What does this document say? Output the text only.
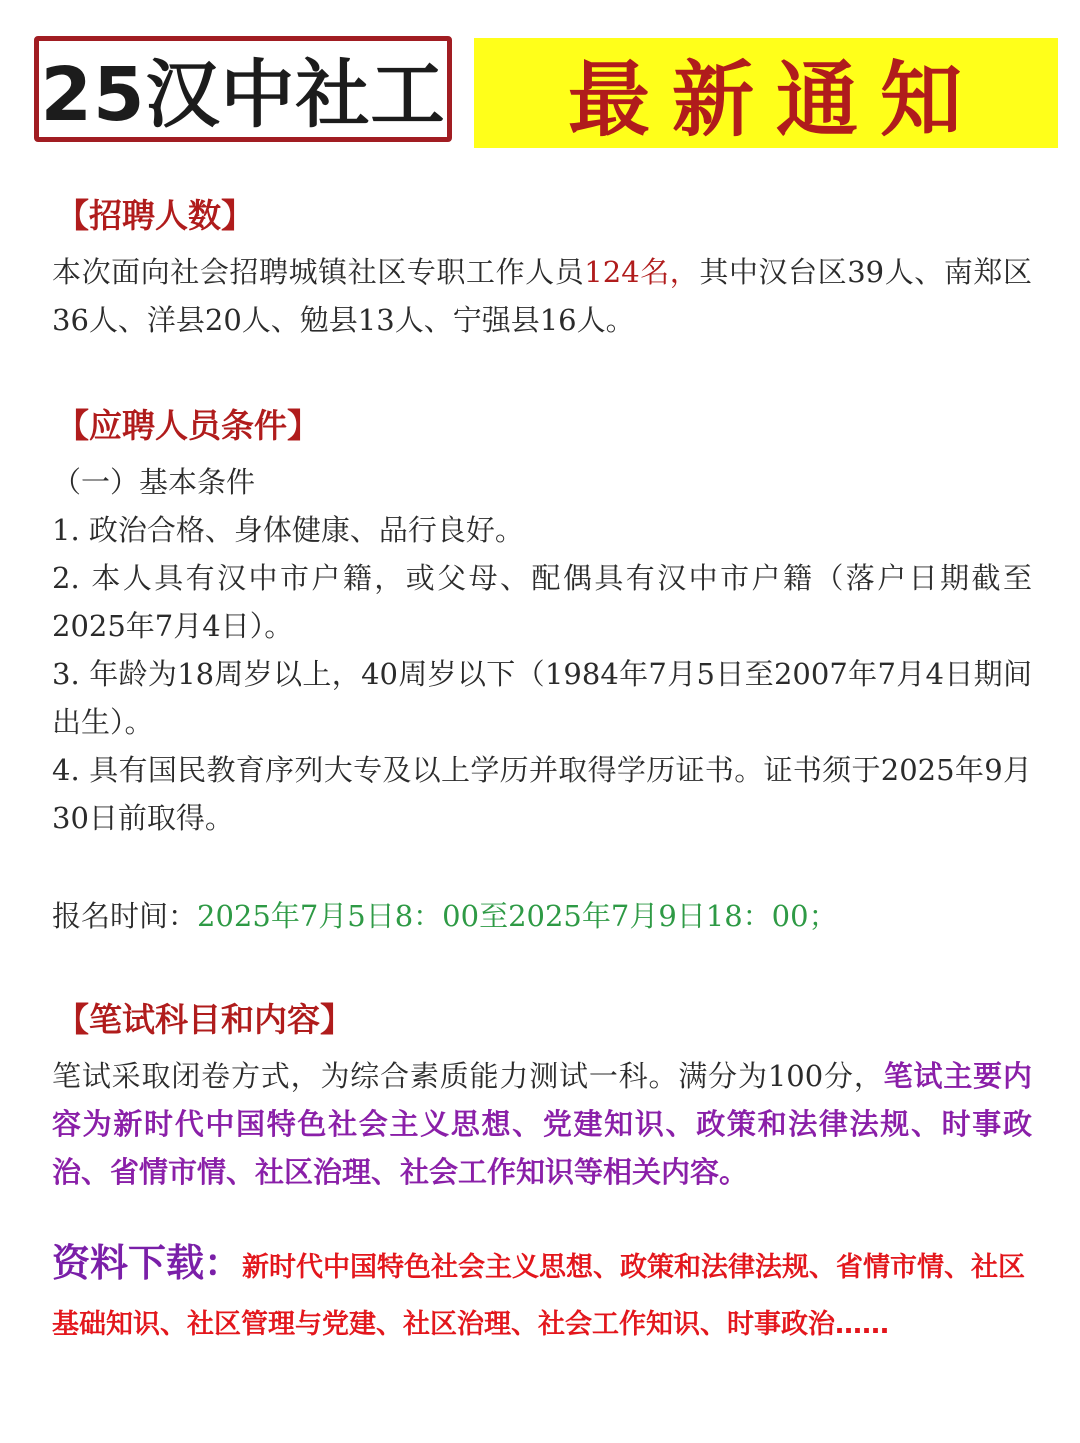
25汉中社工 最新通知
【招聘人数】

本次面向社会招聘城镇社区专职工作人员124名，其中汉台区39人、南郑区36人、洋县20人、勉县13人、宁强县16人。

【应聘人员条件】

（一）基本条件

1. 政治合格、身体健康、品行良好。

2. 本人具有汉中市户籍，或父母、配偶具有汉中市户籍（落户日期截至2025年7月4日）。

3. 年龄为18周岁以上，40周岁以下（1984年7月5日至2007年7月4日期间出生）。

4. 具有国民教育序列大专及以上学历并取得学历证书。证书须于2025年9月30日前取得。

报名时间：2025年7月5日8：00至2025年7月9日18：00；

【笔试科目和内容】

笔试采取闭卷方式，为综合素质能力测试一科。满分为100分，笔试主要内容为新时代中国特色社会主义思想、党建知识、政策和法律法规、时事政治、省情市情、社区治理、社会工作知识等相关内容。

资料下载：新时代中国特色社会主义思想、政策和法律法规、省情市情、社区基础知识、社区管理与党建、社区治理、社会工作知识、时事政治……
